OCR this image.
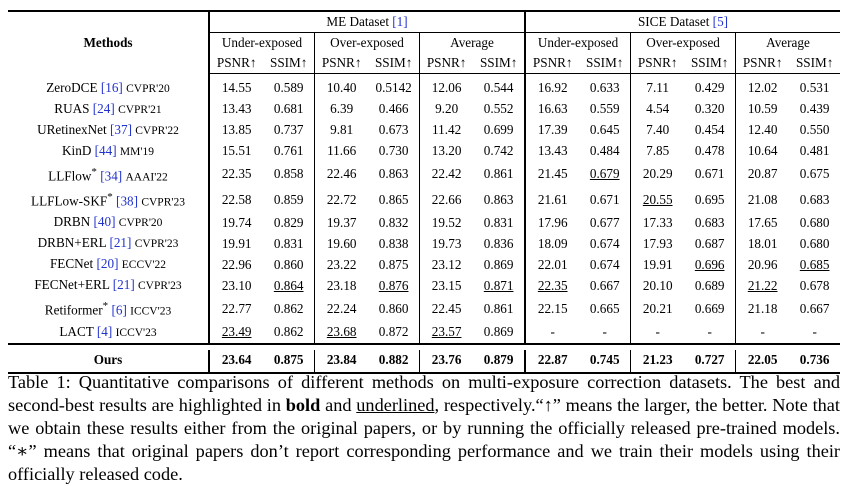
Methods	ME Dataset [1]						SICE Dataset [5]					
	Under-exposed		Over-exposed		Average		Under-exposed		Over-exposed		Average	
	PSNR↑	SSIM↑	PSNR↑	SSIM↑	PSNR↑	SSIM↑	PSNR↑	SSIM↑	PSNR↑	SSIM↑	PSNR↑	SSIM↑
ZeroDCE [16] CVPR'20	14.55	0.589	10.40	0.5142	12.06	0.544	16.92	0.633	7.11	0.429	12.02	0.531
RUAS [24] CVPR'21	13.43	0.681	6.39	0.466	9.20	0.552	16.63	0.559	4.54	0.320	10.59	0.439
URetinexNet [37] CVPR'22	13.85	0.737	9.81	0.673	11.42	0.699	17.39	0.645	7.40	0.454	12.40	0.550
KinD [44] MM'19	15.51	0.761	11.66	0.730	13.20	0.742	13.43	0.484	7.85	0.478	10.64	0.481
LLFlow* [34] AAAI'22	22.35	0.858	22.46	0.863	22.42	0.861	21.45	0.679	20.29	0.671	20.87	0.675
LLFLow-SKF* [38] CVPR'23	22.58	0.859	22.72	0.865	22.66	0.863	21.61	0.671	20.55	0.695	21.08	0.683
DRBN [40] CVPR'20	19.74	0.829	19.37	0.832	19.52	0.831	17.96	0.677	17.33	0.683	17.65	0.680
DRBN+ERL [21] CVPR'23	19.91	0.831	19.60	0.838	19.73	0.836	18.09	0.674	17.93	0.687	18.01	0.680
FECNet [20] ECCV'22	22.96	0.860	23.22	0.875	23.12	0.869	22.01	0.674	19.91	0.696	20.96	0.685
FECNet+ERL [21] CVPR'23	23.10	0.864	23.18	0.876	23.15	0.871	22.35	0.667	20.10	0.689	21.22	0.678
Retiformer* [6] ICCV'23	22.77	0.862	22.24	0.860	22.45	0.861	22.15	0.665	20.21	0.669	21.18	0.667
LACT [4] ICCV'23	23.49	0.862	23.68	0.872	23.57	0.869	-	-	-	-	-	-

Ours	23.64	0.875	23.84	0.882	23.76	0.879	22.87	0.745	21.23	0.727	22.05	0.736
Table 1: Quantitative comparisons of different methods on multi-exposure correction datasets. The best and second-best results are highlighted in bold and underlined, respectively.“↑” means the larger, the better. Note that we obtain these results either from the original papers, or by running the officially released pre-trained models. “∗” means that original papers don’t report corresponding performance and we train their models using their officially released code.
